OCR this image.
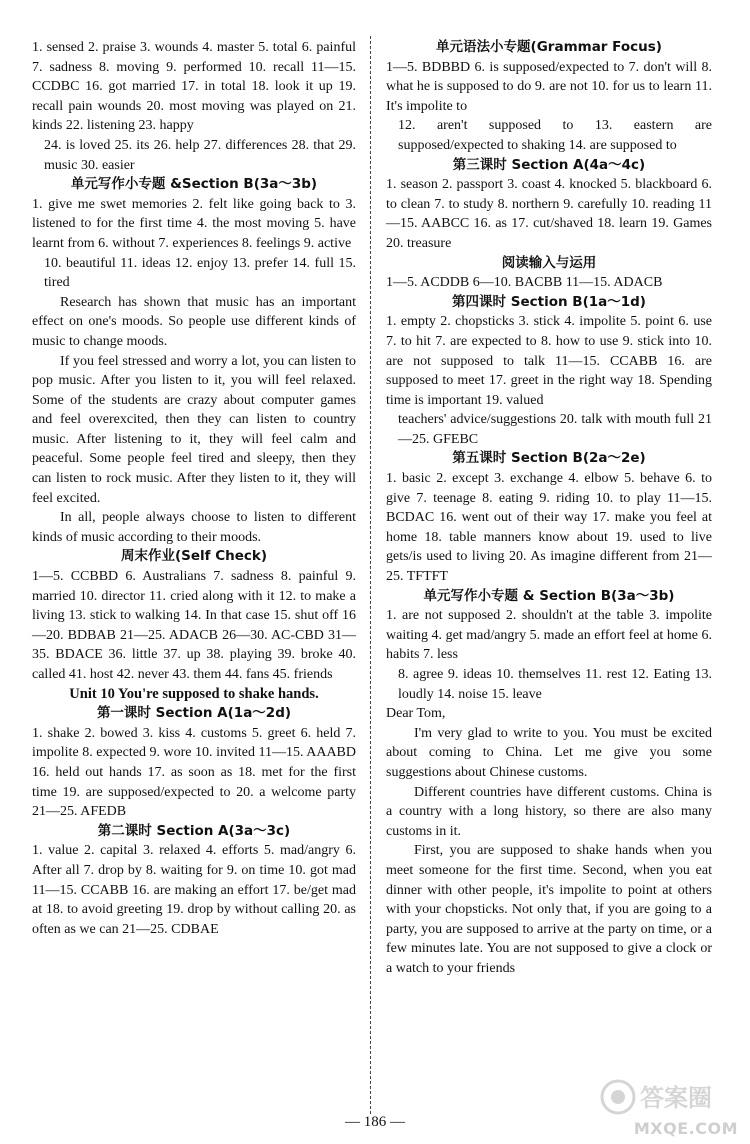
1. sensed 2. praise 3. wounds 4. master 5. total 6. painful 7. sadness 8. moving 9. performed 10. recall 11—15. CCDBC 16. got married 17. in total 18. look it up 19. recall pain wounds 20. most moving was played on 21. kinds 22. listening 23. happy

24. is loved 25. its 26. help 27. differences 28. that 29. music 30. easier

单元写作小专题 &Section B(3a～3b)

1. give me swet memories 2. felt like going back to 3. listened to for the first time 4. the most moving 5. have learnt from 6. without 7. experiences 8. feelings 9. active

10. beautiful 11. ideas 12. enjoy 13. prefer 14. full 15. tired

Research has shown that music has an important effect on one's moods. So people use different kinds of music to change moods.

If you feel stressed and worry a lot, you can listen to pop music. After you listen to it, you will feel relaxed. Some of the students are crazy about computer games and feel overexcited, then they can listen to country music. After listening to it, they will feel calm and peaceful. Some people feel tired and sleepy, then they can listen to rock music. After they listen to it, they will feel excited.

In all, people always choose to listen to different kinds of music according to their moods.

周末作业(Self Check)

1—5. CCBBD 6. Australians 7. sadness 8. painful 9. married 10. director 11. cried along with it 12. to make a living 13. stick to walking 14. In that case 15. shut off 16—20. BDBAB 21—25. ADACB 26—30. AC-CBD 31—35. BDACE 36. little 37. up 38. playing 39. broke 40. called 41. host 42. never 43. them 44. fans 45. friends

Unit 10 You're supposed to shake hands.

第一课时 Section A(1a～2d)

1. shake 2. bowed 3. kiss 4. customs 5. greet 6. held 7. impolite 8. expected 9. wore 10. invited 11—15. AAABD 16. held out hands 17. as soon as 18. met for the first time 19. are supposed/expected to 20. a welcome party 21—25. AFEDB

第二课时 Section A(3a～3c)

1. value 2. capital 3. relaxed 4. efforts 5. mad/angry 6. After all 7. drop by 8. waiting for 9. on time 10. got mad 11—15. CCABB 16. are making an effort 17. be/get mad at 18. to avoid greeting 19. drop by without calling 20. as often as we can 21—25. CDBAE

单元语法小专题(Grammar Focus)

1—5. BDBBD 6. is supposed/expected to 7. don't will 8. what he is supposed to do 9. are not 10. for us to learn 11. It's impolite to

12. aren't supposed to 13. eastern are supposed/expected to shaking 14. are supposed to

第三课时 Section A(4a～4c)

1. season 2. passport 3. coast 4. knocked 5. blackboard 6. to clean 7. to study 8. northern 9. carefully 10. reading 11—15. AABCC 16. as 17. cut/shaved 18. learn 19. Games 20. treasure

阅读输入与运用

1—5. ACDDB 6—10. BACBB 11—15. ADACB

第四课时 Section B(1a～1d)

1. empty 2. chopsticks 3. stick 4. impolite 5. point 6. use 7. to hit 7. are expected to 8. how to use 9. stick into 10. are not supposed to talk 11—15. CCABB 16. are supposed to meet 17. greet in the right way 18. Spending time is important 19. valued

teachers' advice/suggestions 20. talk with mouth full 21—25. GFEBC

第五课时 Section B(2a～2e)

1. basic 2. except 3. exchange 4. elbow 5. behave 6. to give 7. teenage 8. eating 9. riding 10. to play 11—15. BCDAC 16. went out of their way 17. make you feel at home 18. table manners know about 19. used to live gets/is used to living 20. As imagine different from 21—25. TFTFT

单元写作小专题 & Section B(3a～3b)

1. are not supposed 2. shouldn't at the table 3. impolite waiting 4. get mad/angry 5. made an effort feel at home 6. habits 7. less

8. agree 9. ideas 10. themselves 11. rest 12. Eating 13. loudly 14. noise 15. leave

Dear Tom,

I'm very glad to write to you. You must be excited about coming to China. Let me give you some suggestions about Chinese customs.

Different countries have different customs. China is a country with a long history, so there are also many customs in it.

First, you are supposed to shake hands when you meet someone for the first time. Second, when you eat dinner with other people, it's impolite to point at others with your chopsticks. Not only that, if you are going to a party, you are supposed to arrive at the party on time, or a few minutes late. You are not supposed to give a clock or a watch to your friends

— 186 —
答案圈
MXQE.COM
